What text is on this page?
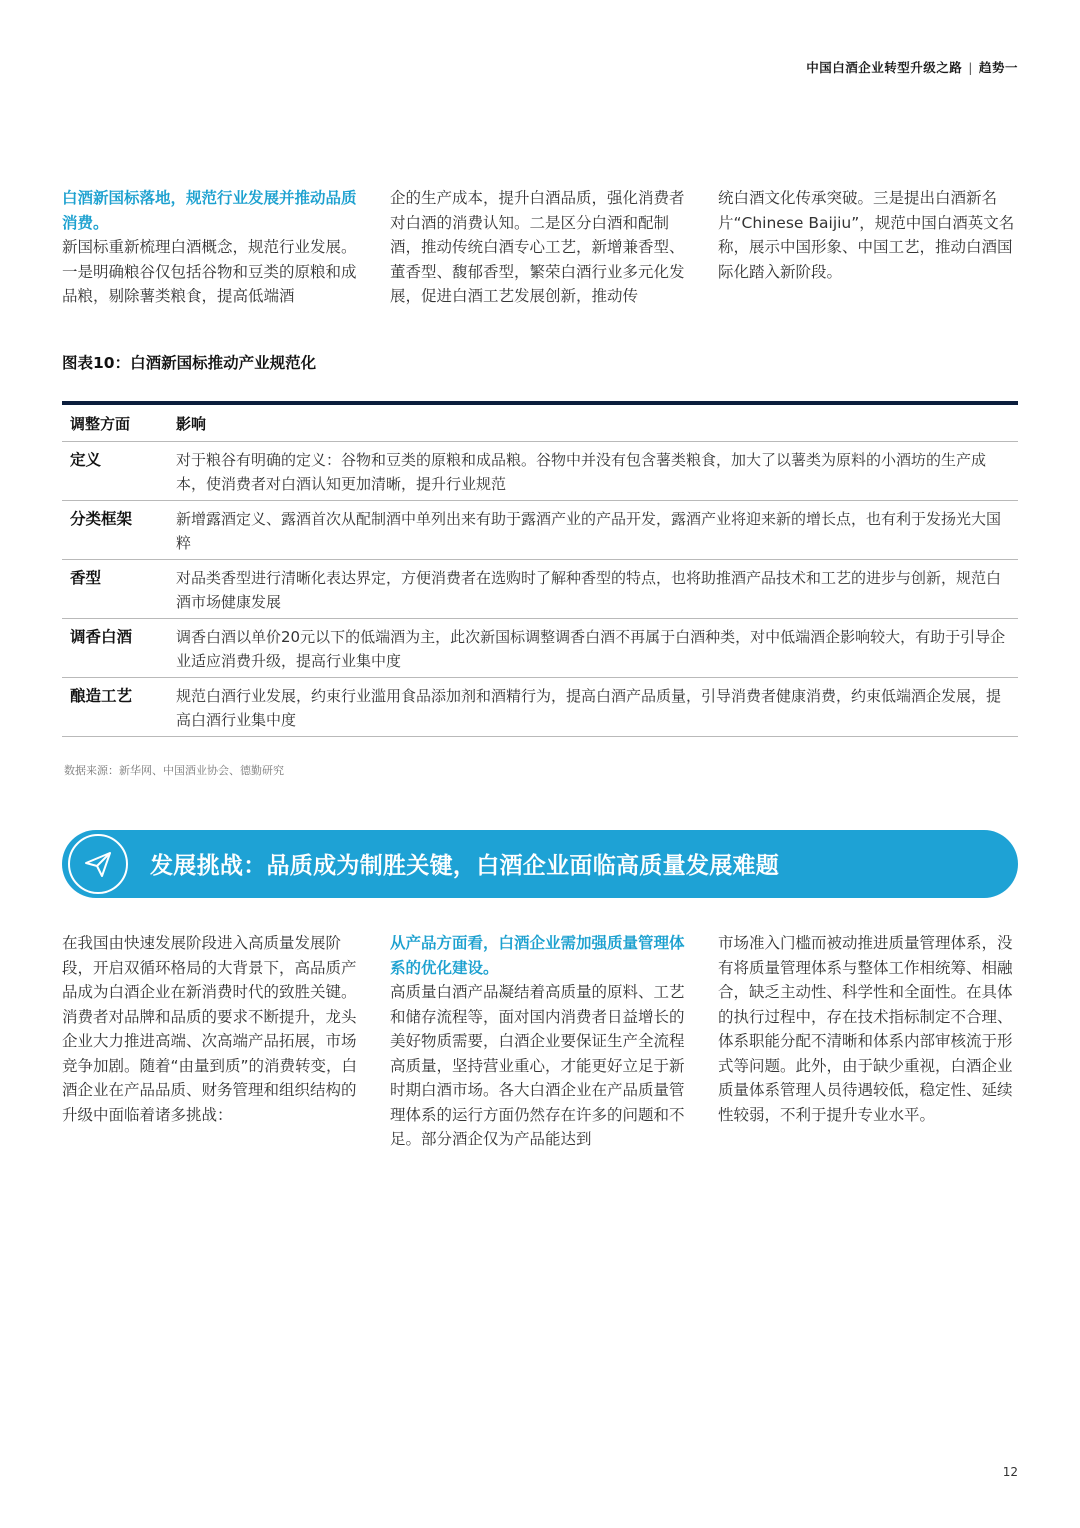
中国白酒企业转型升级之路 | 趋势一

白酒新国标落地，规范行业发展并推动品质消费。
新国标重新梳理白酒概念，规范行业发展。一是明确粮谷仅包括谷物和豆类的原粮和成品粮，剔除薯类粮食，提高低端酒

企的生产成本，提升白酒品质，强化消费者对白酒的消费认知。二是区分白酒和配制酒，推动传统白酒专心工艺，新增兼香型、董香型、馥郁香型，繁荣白酒行业多元化发展，促进白酒工艺发展创新，推动传

统白酒文化传承突破。三是提出白酒新名片“Chinese Baijiu”，规范中国白酒英文名称，展示中国形象、中国工艺，推动白酒国际化踏入新阶段。

图表10：白酒新国标推动产业规范化
调整方面	影响
定义	对于粮谷有明确的定义：谷物和豆类的原粮和成品粮。谷物中并没有包含薯类粮食，加大了以薯类为原料的小酒坊的生产成本，使消费者对白酒认知更加清晰，提升行业规范
分类框架	新增露酒定义、露酒首次从配制酒中单列出来有助于露酒产业的产品开发，露酒产业将迎来新的增长点，也有利于发扬光大国粹
香型	对品类香型进行清晰化表达界定，方便消费者在选购时了解种香型的特点，也将助推酒产品技术和工艺的进步与创新，规范白酒市场健康发展
调香白酒	调香白酒以单价20元以下的低端酒为主，此次新国标调整调香白酒不再属于白酒种类，对中低端酒企影响较大，有助于引导企业适应消费升级，提高行业集中度
酿造工艺	规范白酒行业发展，约束行业滥用食品添加剂和酒精行为，提高白酒产品质量，引导消费者健康消费，约束低端酒企发展，提高白酒行业集中度
数据来源：新华网、中国酒业协会、德勤研究
发展挑战：品质成为制胜关键，白酒企业面临高质量发展难题

在我国由快速发展阶段进入高质量发展阶段，开启双循环格局的大背景下，高品质产品成为白酒企业在新消费时代的致胜关键。消费者对品牌和品质的要求不断提升，龙头企业大力推进高端、次高端产品拓展，市场竞争加剧。随着“由量到质”的消费转变，白酒企业在产品品质、财务管理和组织结构的升级中面临着诸多挑战：

从产品方面看，白酒企业需加强质量管理体系的优化建设。
高质量白酒产品凝结着高质量的原料、工艺和储存流程等，面对国内消费者日益增长的美好物质需要，白酒企业要保证生产全流程高质量，坚持营业重心，才能更好立足于新时期白酒市场。各大白酒企业在产品质量管理体系的运行方面仍然存在许多的问题和不足。部分酒企仅为产品能达到

市场准入门槛而被动推进质量管理体系，没有将质量管理体系与整体工作相统筹、相融合，缺乏主动性、科学性和全面性。在具体的执行过程中，存在技术指标制定不合理、体系职能分配不清晰和体系内部审核流于形式等问题。此外，由于缺少重视，白酒企业质量体系管理人员待遇较低，稳定性、延续性较弱，不利于提升专业水平。

12
